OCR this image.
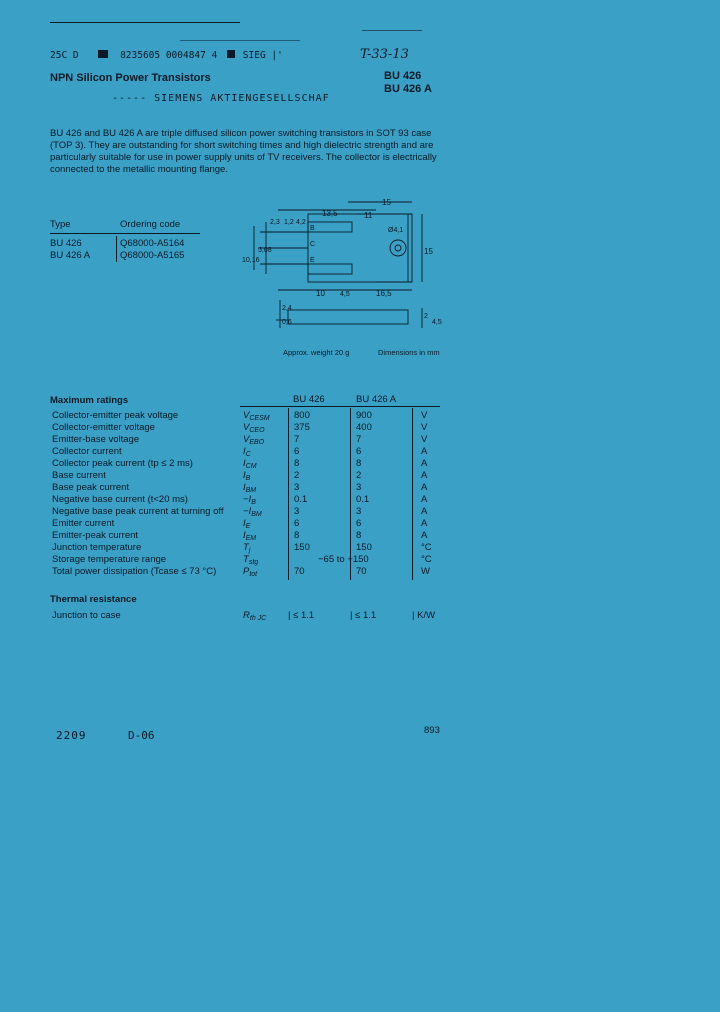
25C D	8235605 0004847 4	SIEG |'	T-33-13
NPN Silicon Power Transistors	BU 426
BU 426 A
----- SIEMENS AKTIENGESELLSCHAF
BU 426 and BU 426 A are triple diffused silicon power switching transistors in SOT 93 case (TOP 3). They are outstanding for short switching times and high dielectric strength and are particularly suitable for use in power supply units of TV receivers. The collector is electrically connected to the metallic mounting flange.
Type	Ordering code
BU 426	Q68000-A5164
BU 426 A	Q68000-A5165
13,5
15
11
2,3 1,2 4,2
5,08
10,16
15
10 4,5	16,5
2,4
0,6
2
4,5
Ø4,1
B
C
E
Approx. weight 20 g	Dimensions in mm
Maximum ratings	BU 426	BU 426 A
Collector-emitter peak voltage	$V_{CESM}$	800	900	V
Collector-emitter voltage	$V_{CEO}$	375	400	V
Emitter-base voltage	$V_{EBO}$	7	7	V
Collector current	$I_C$	6	6	A
Collector peak current (tp ≤ 2 ms)	$I_{CM}$	8	8	A
Base current	$I_B$	2	2	A
Base peak current	$I_{BM}$	3	3	A
Negative base current (t<20 ms)	$-I_B$	0.1	0.1	A
Negative base peak current at turning off $-I_{BM}$	3	3	A
Emitter current	$I_E$	6	6	A
Emitter-peak current	$I_{EM}$	8	8	A
Junction temperature	$T_j$	150	150	°C
Storage temperature range	$T_{stg}$	−65 to +150	°C
Total power dissipation (Tcase ≤ 73 °C)	$P_{tot}$	70	70	W
Thermal resistance
Junction to case	$R_{th JC}$ | ≤ 1.1	| ≤ 1.1	| K/W
2209	D-06	893
